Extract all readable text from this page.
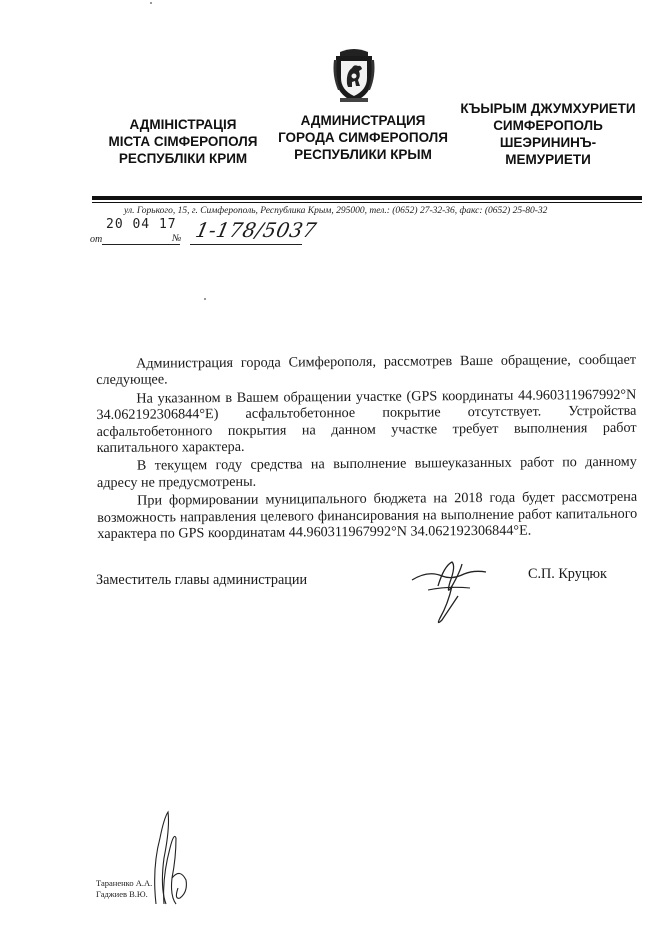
АДМІНІСТРАЦІЯ
МІСТА СІМФЕРОПОЛЯ
РЕСПУБЛІКИ КРИМ
АДМИНИСТРАЦИЯ
ГОРОДА СИМФЕРОПОЛЯ
РЕСПУБЛИКИ КРЫМ
КЪЫРЫМ ДЖУМХУРИЕТИ
СИМФЕРОПОЛЬ
ШЕЭРИНИНЪ-
МЕМУРИЕТИ
ул. Горького, 15, г. Симферополь, Республика Крым, 295000, тел.: (0652) 27-32-36, факс: (0652) 25-80-32
от
20 04 17
№ 1-178/5037

Администрация города Симферополя, рассмотрев Ваше обращение, сообщает следующее.

На указанном в Вашем обращении участке (GPS координаты 44.960311967992°N 34.062192306844°E) асфальтобетонное покрытие отсутствует. Устройства асфальтобетонного покрытия на данном участке требует выполнения работ капитального характера.

В текущем году средства на выполнение вышеуказанных работ по данному адресу не предусмотрены.

При формировании муниципального бюджета на 2018 года будет рассмотрена возможность направления целевого финансирования на выполнение работ капитального характера по GPS координатам 44.960311967992°N 34.062192306844°E.

Заместитель главы администрации	С.П. Круцюк
Тараненко А.А.
Гаджиев В.Ю.
